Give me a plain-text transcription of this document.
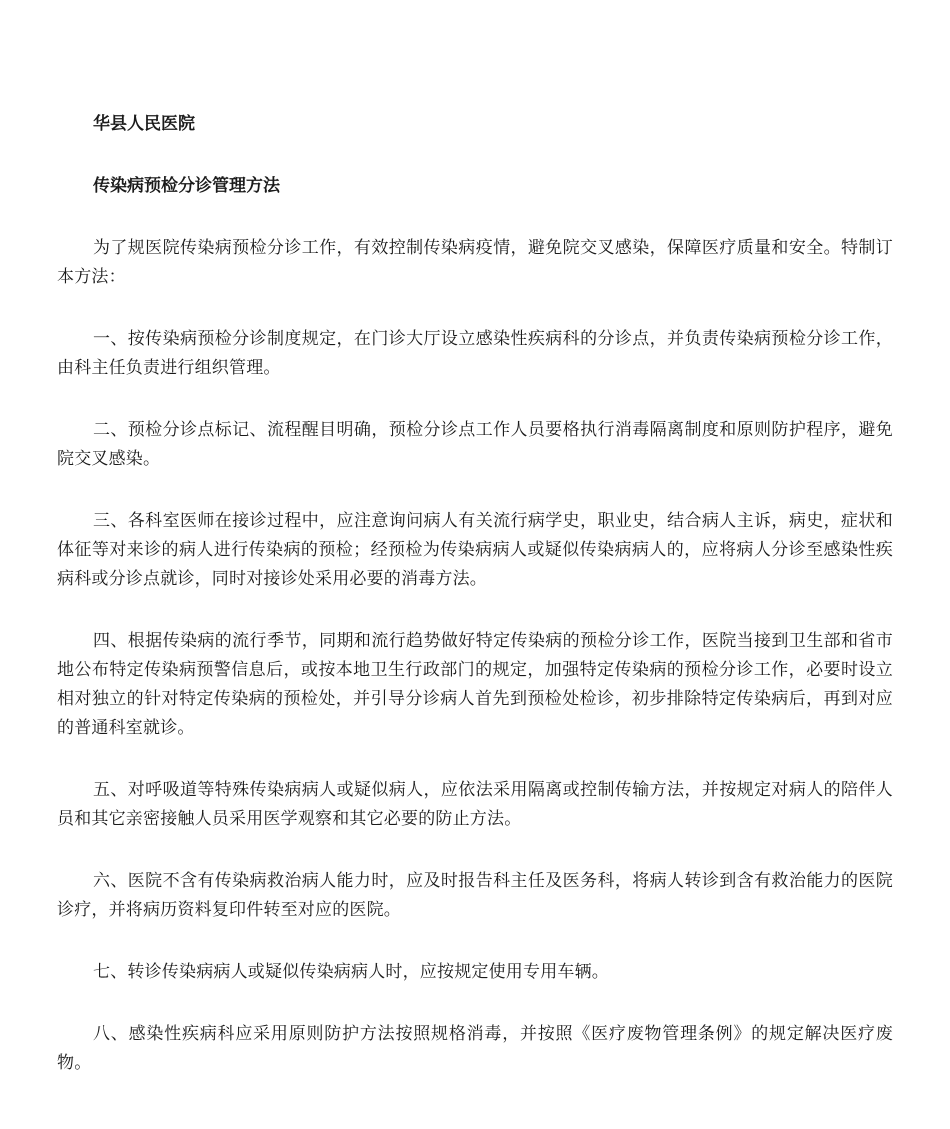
华县人民医院

传染病预检分诊管理方法

为了规医院传染病预检分诊工作，有效控制传染病疫情，避免院交叉感染，保障医疗质量和安全。特制订本方法：

一、按传染病预检分诊制度规定，在门诊大厅设立感染性疾病科的分诊点，并负责传染病预检分诊工作，由科主任负责进行组织管理。

二、预检分诊点标记、流程醒目明确，预检分诊点工作人员要格执行消毒隔离制度和原则防护程序，避免院交叉感染。

三、各科室医师在接诊过程中，应注意询问病人有关流行病学史，职业史，结合病人主诉，病史，症状和体征等对来诊的病人进行传染病的预检；经预检为传染病病人或疑似传染病病人的，应将病人分诊至感染性疾病科或分诊点就诊，同时对接诊处采用必要的消毒方法。

四、根据传染病的流行季节，同期和流行趋势做好特定传染病的预检分诊工作，医院当接到卫生部和省市地公布特定传染病预警信息后，或按本地卫生行政部门的规定，加强特定传染病的预检分诊工作，必要时设立相对独立的针对特定传染病的预检处，并引导分诊病人首先到预检处检诊，初步排除特定传染病后，再到对应的普通科室就诊。

五、对呼吸道等特殊传染病病人或疑似病人，应依法采用隔离或控制传输方法，并按规定对病人的陪伴人员和其它亲密接触人员采用医学观察和其它必要的防止方法。

六、医院不含有传染病救治病人能力时，应及时报告科主任及医务科，将病人转诊到含有救治能力的医院诊疗，并将病历资料复印件转至对应的医院。

七、转诊传染病病人或疑似传染病病人时，应按规定使用专用车辆。

八、感染性疾病科应采用原则防护方法按照规格消毒，并按照《医疗废物管理条例》的规定解决医疗废物。
